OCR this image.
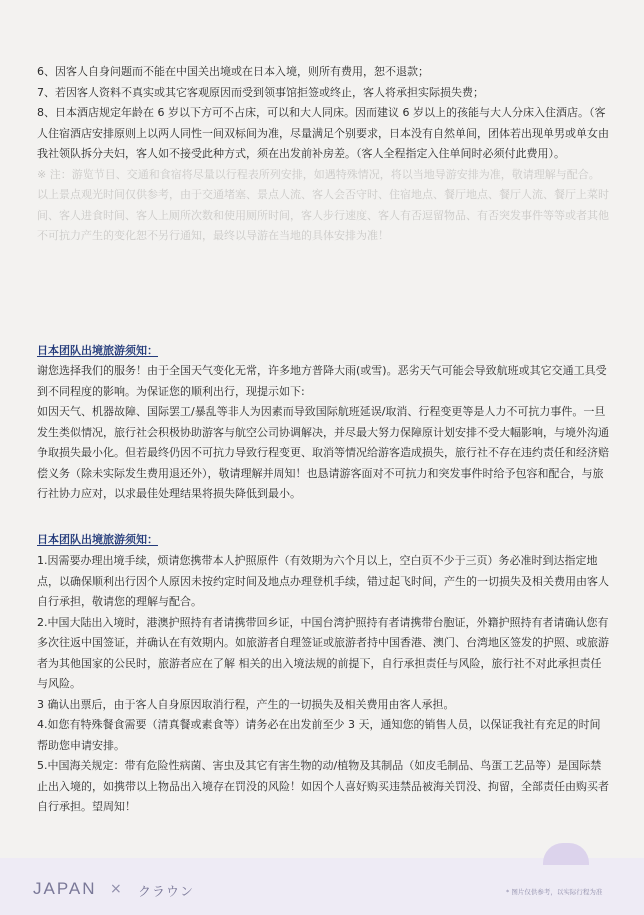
6、因客人自身问题而不能在中国关出境或在日本入境，则所有费用，恕不退款；

7、若因客人资料不真实或其它客观原因而受到领事馆拒签或终止，客人将承担实际损失费；

8、日本酒店规定年龄在 6 岁以下方可不占床，可以和大人同床。因而建议 6 岁以上的孩能与大人分床入住酒店。（客人住宿酒店安排原则上以两人同性一间双标间为准，尽量满足个别要求，日本没有自然单间，团体若出现单男或单女由我社领队拆分夫妇，客人如不接受此种方式，须在出发前补房差。（客人全程指定入住单间时必须付此费用）。

※ 注：游览节目、交通和食宿将尽量以行程表所列安排，如遇特殊情况，将以当地导游安排为准，敬请理解与配合。

以上景点观光时间仅供参考，由于交通堵塞、景点人流、客人会否守时、住宿地点、餐厅地点、餐厅人流、餐厅上菜时间、客人进食时间、客人上厕所次数和使用厕所时间，客人步行速度、客人有否逗留物品、有否突发事件等等或者其他不可抗力产生的变化恕不另行通知，最终以导游在当地的具体安排为准！

日本团队出境旅游须知：

谢您选择我们的服务！由于全国天气变化无常，许多地方普降大雨(或雪)。恶劣天气可能会导致航班或其它交通工具受到不同程度的影响。为保证您的顺利出行，现提示如下:

如因天气、机器故障、国际罢工/暴乱等非人为因素而导致国际航班延误/取消、行程变更等是人力不可抗力事件。一旦发生类似情况，旅行社会积极协助游客与航空公司协调解决，并尽最大努力保障原计划安排不受大幅影响，与境外沟通争取损失最小化。但若最终仍因不可抗力导致行程变更、取消等情况给游客造成损失，旅行社不存在违约责任和经济赔偿义务（除未实际发生费用退还外），敬请理解并周知！也恳请游客面对不可抗力和突发事件时给予包容和配合，与旅行社协力应对，以求最佳处理结果将损失降低到最小。

日本团队出境旅游须知：

1.因需要办理出境手续，烦请您携带本人护照原件（有效期为六个月以上，空白页不少于三页）务必准时到达指定地点，以确保顺利出行因个人原因未按约定时间及地点办理登机手续，错过起飞时间，产生的一切损失及相关费用由客人自行承担，敬请您的理解与配合。

2.中国大陆出入境时，港澳护照持有者请携带回乡证，中国台湾护照持有者请携带台胞证，外籍护照持有者请确认您有多次往返中国签证，并确认在有效期内。如旅游者自理签证或旅游者持中国香港、澳门、台湾地区签发的护照、或旅游者为其他国家的公民时，旅游者应在了解 相关的出入境法规的前提下，自行承担责任与风险，旅行社不对此承担责任与风险。

3 确认出票后，由于客人自身原因取消行程，产生的一切损失及相关费用由客人承担。

4.如您有特殊餐食需要（清真餐或素食等）请务必在出发前至少 3 天，通知您的销售人员，以保证我社有充足的时间帮助您申请安排。

5.中国海关规定：带有危险性病菌、害虫及其它有害生物的动/植物及其制品（如皮毛制品、鸟蛋工艺品等）是国际禁止出入境的，如携带以上物品出入境存在罚没的风险！如因个人喜好购买违禁品被海关罚没、拘留，全部责任由购买者自行承担。望周知！

JAPAN × クラウン	* 图片仅供参考，以实际行程为准
